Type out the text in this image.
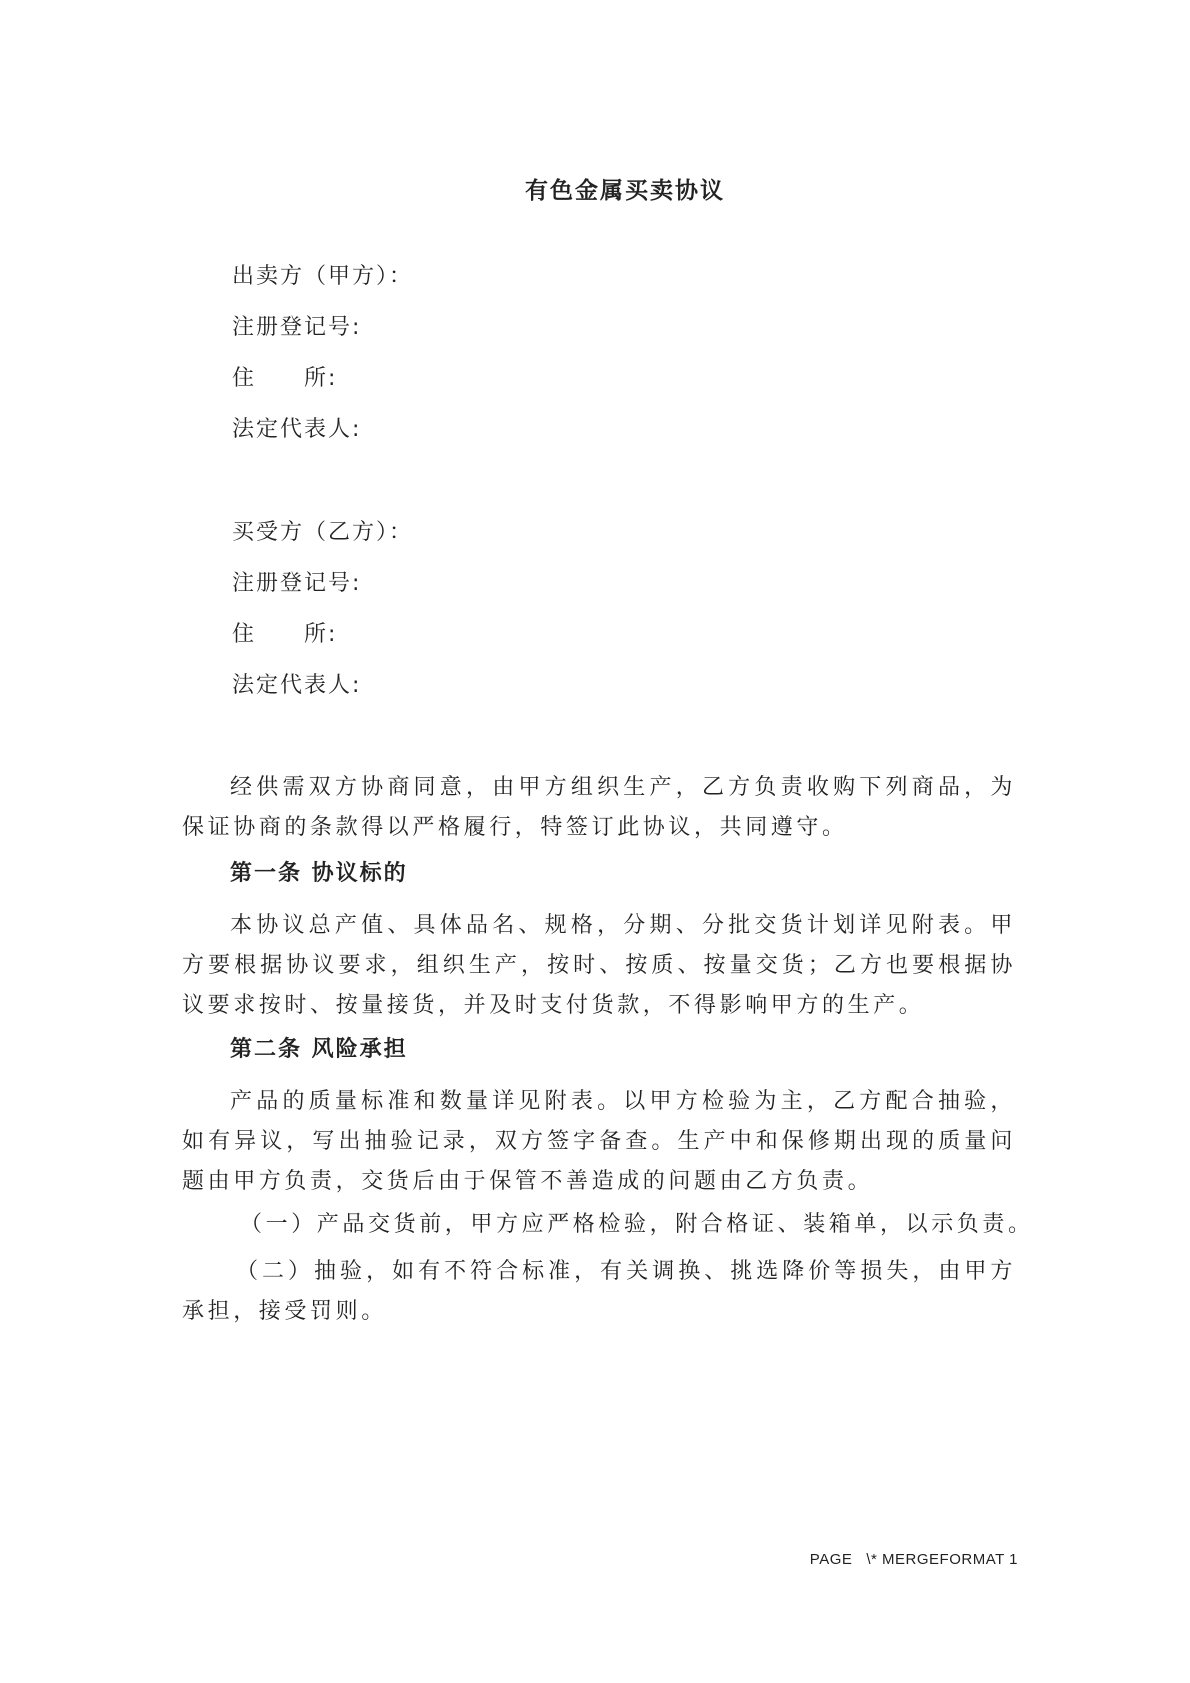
有色金属买卖协议
出卖方（甲方）：
注册登记号:
住　　所:
法定代表人:
买受方（乙方）：
注册登记号:
住　　所:
法定代表人:

经供需双方协商同意，由甲方组织生产，乙方负责收购下列商品，为保证协商的条款得以严格履行，特签订此协议，共同遵守。

第一条 协议标的

本协议总产值、具体品名、规格，分期、分批交货计划详见附表。甲方要根据协议要求，组织生产，按时、按质、按量交货；乙方也要根据协议要求按时、按量接货，并及时支付货款，不得影响甲方的生产。

第二条 风险承担

产品的质量标准和数量详见附表。以甲方检验为主，乙方配合抽验，如有异议，写出抽验记录，双方签字备查。生产中和保修期出现的质量问题由甲方负责，交货后由于保管不善造成的问题由乙方负责。

（一）产品交货前，甲方应严格检验，附合格证、装箱单，以示负责。

（二）抽验，如有不符合标准，有关调换、挑选降价等损失，由甲方承担，接受罚则。

PAGE   \* MERGEFORMAT 1
